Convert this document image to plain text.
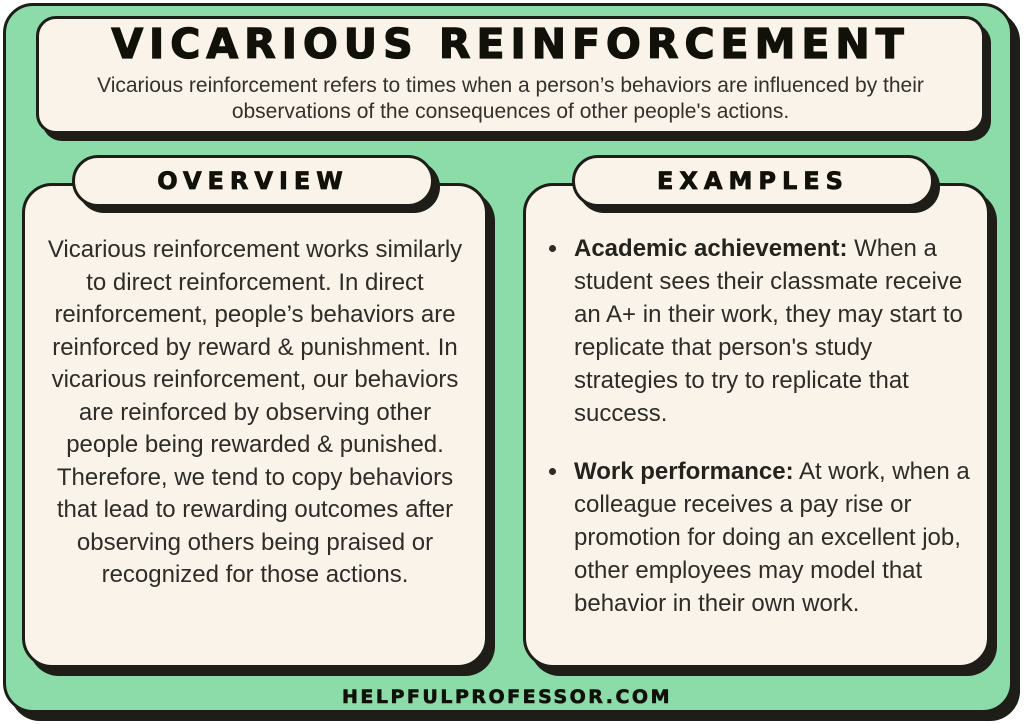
VICARIOUS REINFORCEMENT

Vicarious reinforcement refers to times when a person’s behaviors are influenced by their observations of the consequences of other people's actions.

OVERVIEW

Vicarious reinforcement works similarly to direct reinforcement. In direct reinforcement, people’s behaviors are reinforced by reward & punishment. In vicarious reinforcement, our behaviors are reinforced by observing other people being rewarded & punished. Therefore, we tend to copy behaviors that lead to rewarding outcomes after observing others being praised or recognized for those actions.

EXAMPLES
• Academic achievement: When a student sees their classmate receive an A+ in their work, they may start to replicate that person's study strategies to try to replicate that success.
• Work performance: At work, when a colleague receives a pay rise or promotion for doing an excellent job, other employees may model that behavior in their own work.
HELPFULPROFESSOR.COM
